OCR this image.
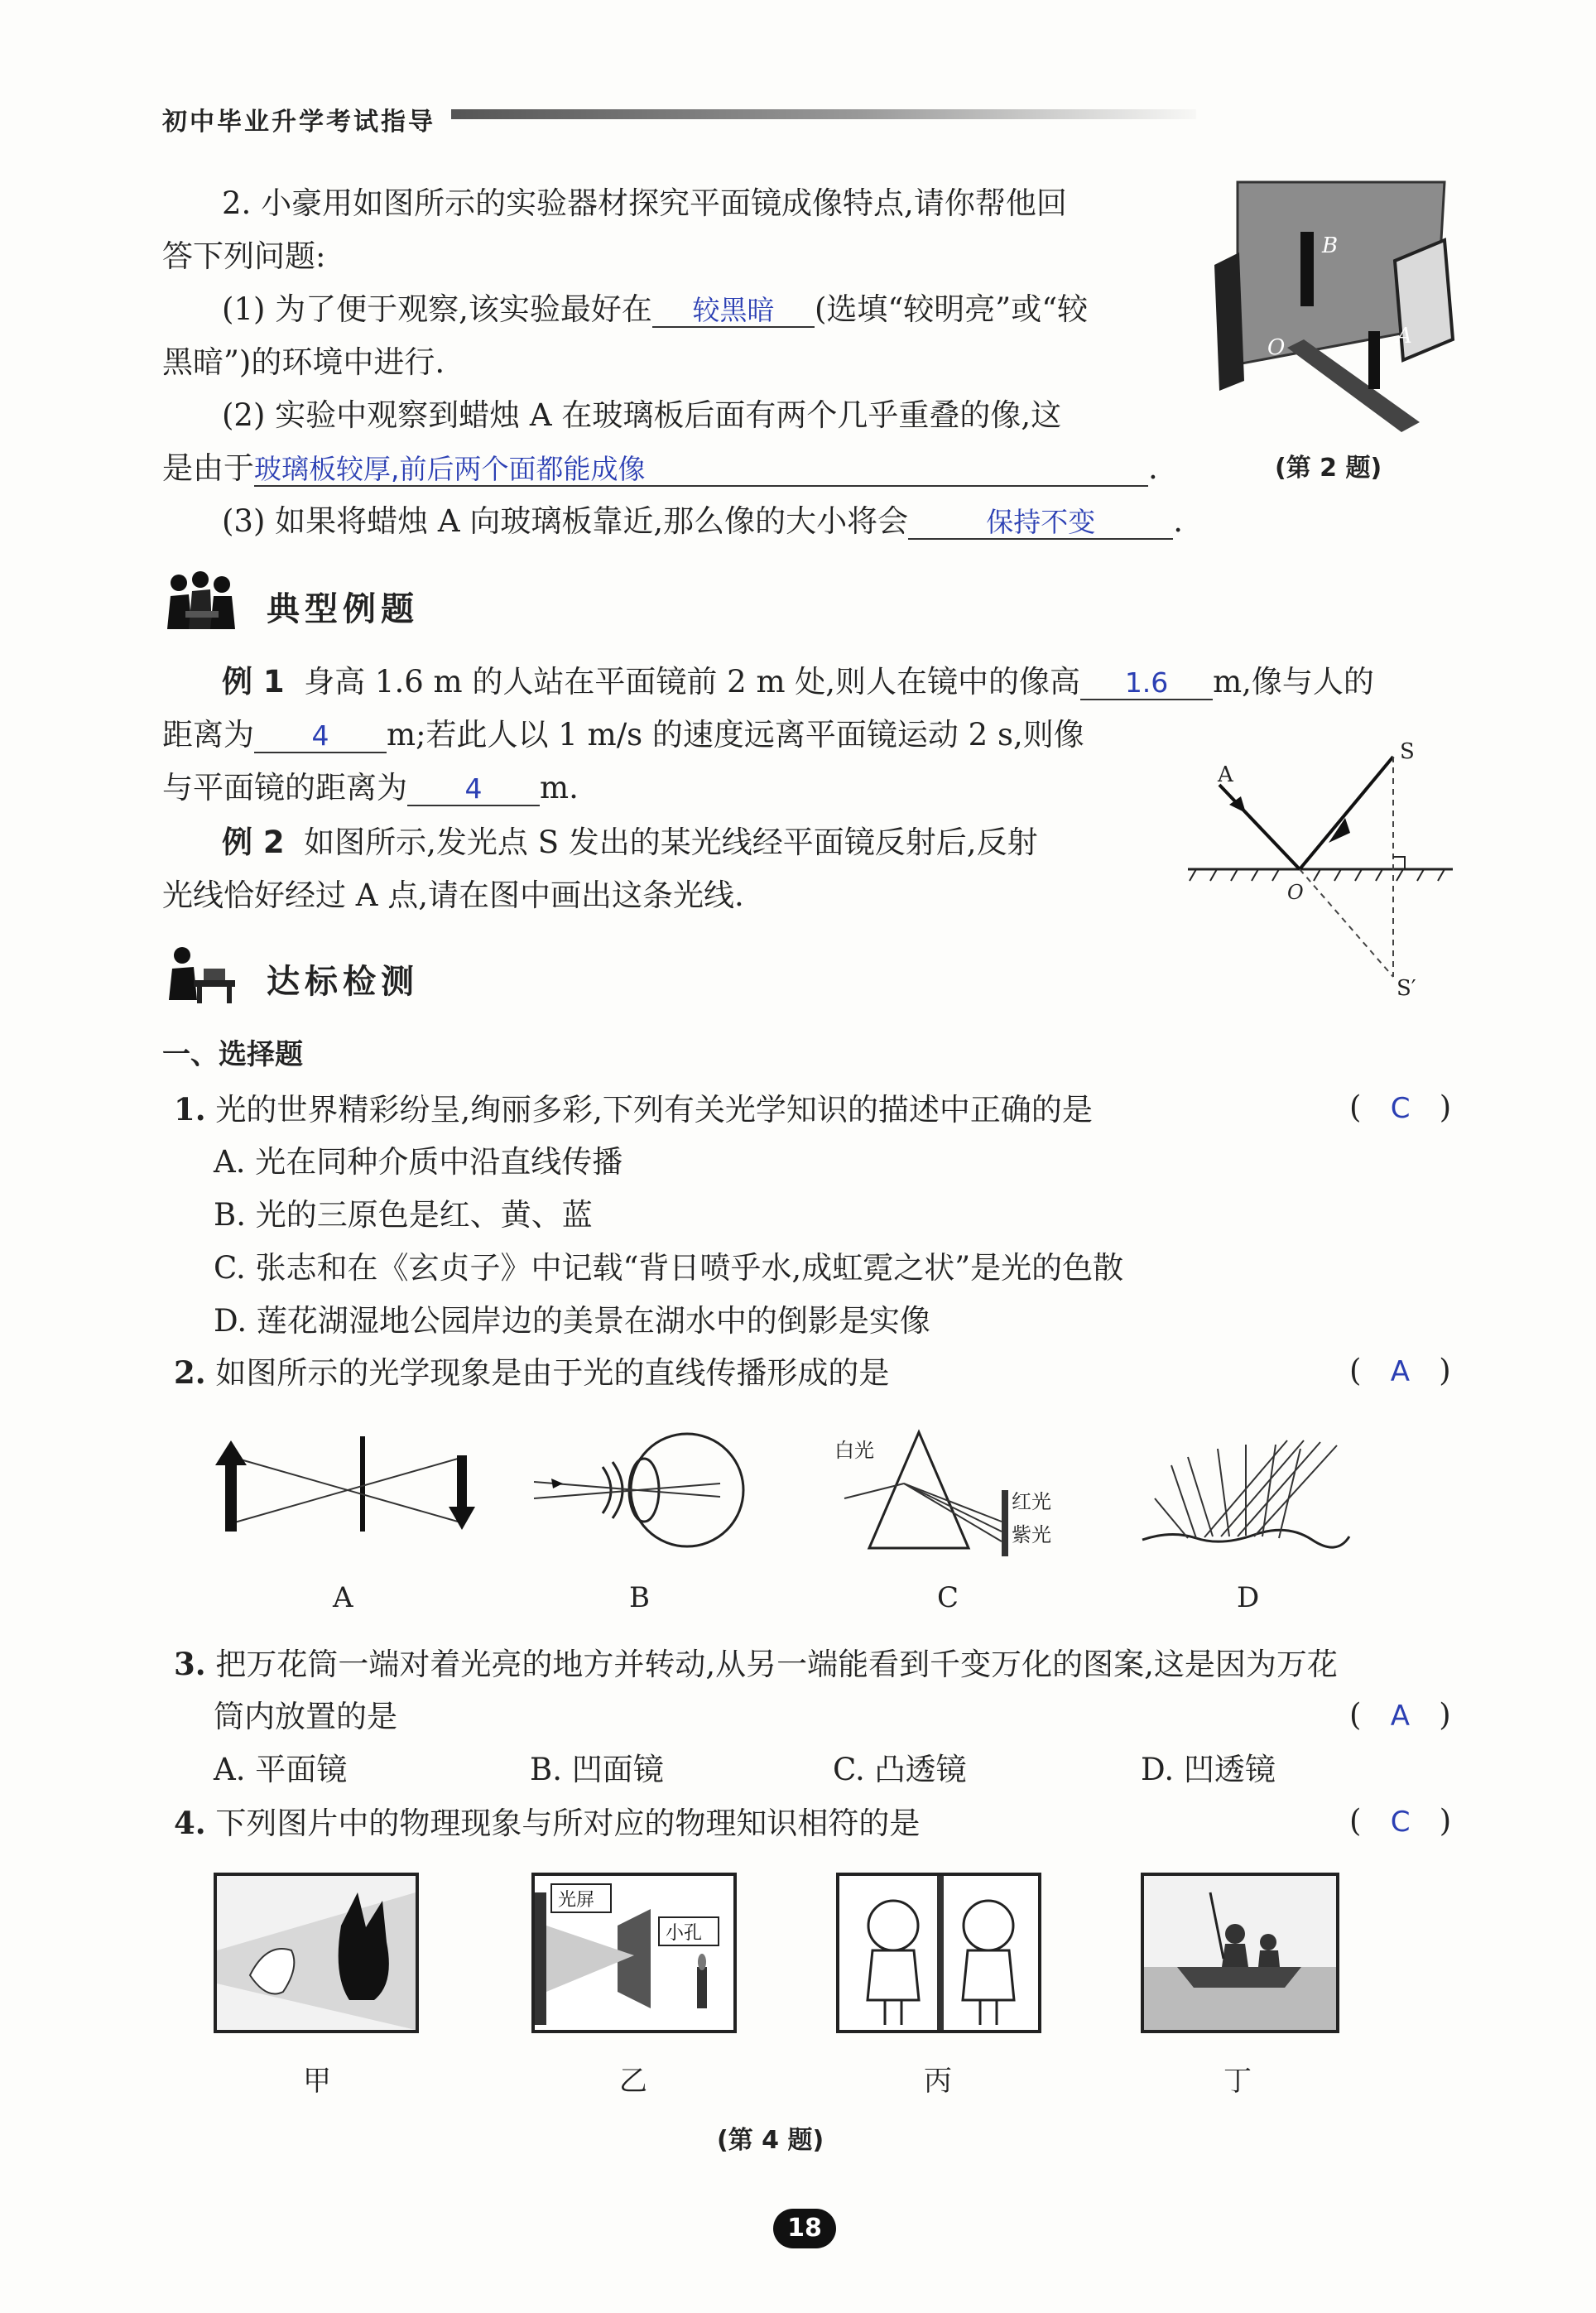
初中毕业升学考试指导
2. 小豪用如图所示的实验器材探究平面镜成像特点,请你帮他回
答下列问题:
(1) 为了便于观察,该实验最好在 较黑暗 (选填“较明亮”或“较
黑暗”)的环境中进行.
(2) 实验中观察到蜡烛 A 在玻璃板后面有两个几乎重叠的像,这
是由于玻璃板较厚,前后两个面都能成像	.
(3) 如果将蜡烛 A 向玻璃板靠近,那么像的大小将会	保持不变	.
B
O	A
(第 2 题)
典型例题
例 1 身高 1.6 m 的人站在平面镜前 2 m 处,则人在镜中的像高 1.6 m,像与人的
距离为 4 m;若此人以 1 m/s 的速度远离平面镜运动 2 s,则像
与平面镜的距离为 4 m.
例 2 如图所示,发光点 S 发出的某光线经平面镜反射后,反射
光线恰好经过 A 点,请在图中画出这条光线.
S
A
O
S′
达标检测
一、选择题
1. 光的世界精彩纷呈,绚丽多彩,下列有关光学知识的描述中正确的是	(   C   )
A. 光在同种介质中沿直线传播
B. 光的三原色是红、黄、蓝
C. 张志和在《玄贞子》中记载“背日喷乎水,成虹霓之状”是光的色散
D. 莲花湖湿地公园岸边的美景在湖水中的倒影是实像
2. 如图所示的光学现象是由于光的直线传播形成的是	(   A   )
白光
红光
紫光
A	B	C	D
3. 把万花筒一端对着光亮的地方并转动,从另一端能看到千变万化的图案,这是因为万花
筒内放置的是	(   A   )
A. 平面镜	B. 凹面镜	C. 凸透镜	D. 凹透镜
4. 下列图片中的物理现象与所对应的物理知识相符的是	(   C   )
光屏
小孔
甲	乙	丙	丁
(第 4 题)
18
